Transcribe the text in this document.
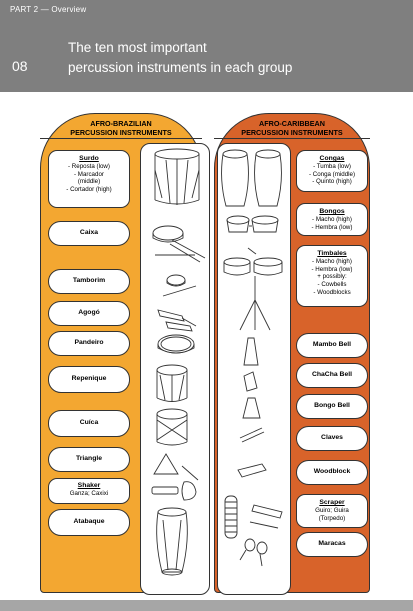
PART 2 — Overview
08
The ten most important
percussion instruments in each group
AFRO-BRAZILIAN
PERCUSSION INSTRUMENTS
AFRO-CARIBBEAN
PERCUSSION INSTRUMENTS
Surdo
- Reposta (low)
- Marcador
(middle)
- Cortador (high)
Caixa
Tamborim
Agogó
Pandeiro
Repenique
Cuíca
Triangle
Shaker
Ganza; Caxixi
Atabaque
Congas
- Tumba (low)
- Conga (middle)
- Quinto (high)
Bongos
- Macho (high)
- Hembra (low)
Timbales
- Macho (high)
- Hembra (low)
+ possibly:
- Cowbells
- Woodblocks
Mambo Bell
ChaCha Bell
Bongo Bell
Claves
Woodblock
Scraper
Guiro; Guira
(Torpedo)
Maracas
